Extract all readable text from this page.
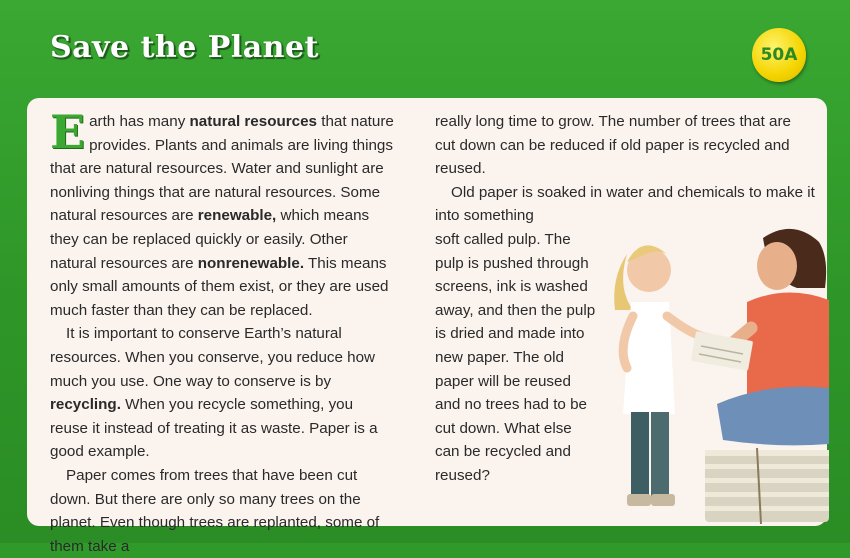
Save the Planet	50A

Earth has many natural resources that nature provides. Plants and animals are living things that are natural resources. Water and sunlight are nonliving things that are natural resources. Some natural resources are renewable, which means they can be replaced quickly or easily. Other natural resources are nonrenewable. This means only small amounts of them exist, or they are used much faster than they can be replaced.

It is important to conserve Earth’s natural resources. When you conserve, you reduce how much you use. One way to conserve is by recycling. When you recycle something, you reuse it instead of treating it as waste. Paper is a good example.

Paper comes from trees that have been cut down. But there are only so many trees on the planet. Even though trees are replanted, some of them take a

really long time to grow. The number of trees that are cut down can be reduced if old paper is recycled and reused.

Old paper is soaked in water and chemicals to make it into something

soft called pulp. The pulp is pushed through screens, ink is washed away, and then the pulp is dried and made into new paper. The old paper will be reused and no trees had to be cut down. What else can be recycled and reused?
